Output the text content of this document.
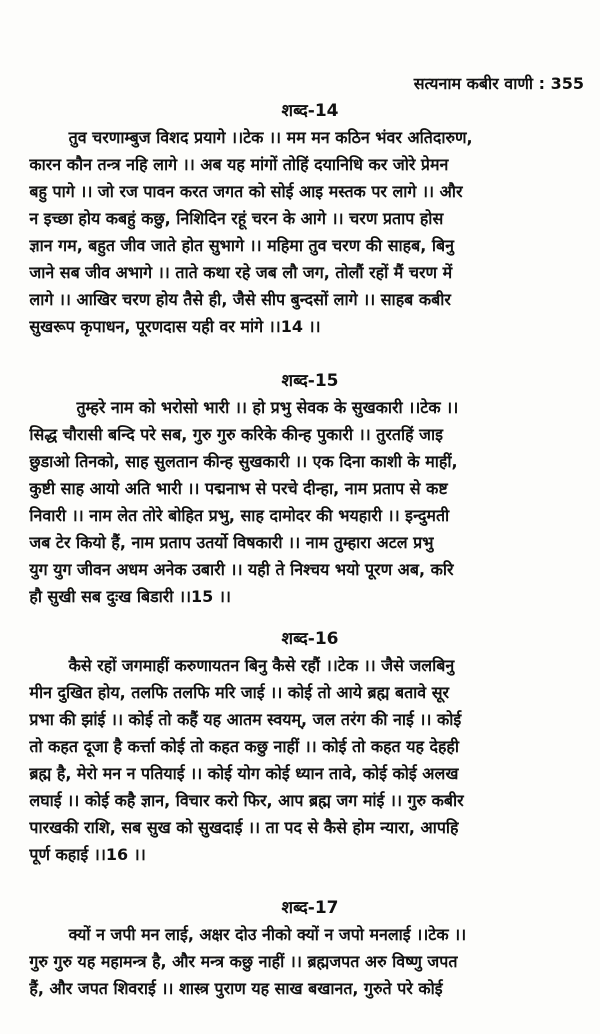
सत्यनाम कबीर वाणी : 355
शब्द-14
तुव चरणाम्बुज विशद प्रयागे ।।टेक ।। मम मन कठिन भंवर अतिदारुण,
कारन कौन तन्त्र नहि लागे ।। अब यह मांगों तोहिं दयानिधि कर जोरे प्रेमन
बहु पागे ।। जो रज पावन करत जगत को सोई आइ मस्तक पर लागे ।। और
न इच्छा होय कबहुं कछु, निशिदिन रहूं चरन के आगे ।। चरण प्रताप होस
ज्ञान गम, बहुत जीव जाते होत सुभागे ।। महिमा तुव चरण की साहब, बिनु
जाने सब जीव अभागे ।। ताते कथा रहे जब लौ जग, तोलौं रहों मैं चरण में
लागे ।। आखिर चरण होय तैसे ही, जैसे सीप बुन्दसों लागे ।। साहब कबीर
सुखरूप कृपाधन, पूरणदास यही वर मांगे ।।14 ।।
शब्द-15
तुम्हरे नाम को भरोसो भारी ।। हो प्रभु सेवक के सुखकारी ।।टेक ।।
सिद्ध चौरासी बन्दि परे सब, गुरु गुरु करिके कीन्ह पुकारी ।। तुरतहिं जाइ
छुडाओ तिनको, साह सुलतान कीन्ह सुखकारी ।। एक दिना काशी के माहीं,
कुष्टी साह आयो अति भारी ।। पद्मनाभ से परचे दीन्हा, नाम प्रताप से कष्ट
निवारी ।। नाम लेत तोरे बोहित प्रभु, साह दामोदर की भयहारी ।। इन्दुमती
जब टेर कियो हैं, नाम प्रताप उतर्यो विषकारी ।। नाम तुम्हारा अटल प्रभु
युग युग जीवन अधम अनेक उबारी ।। यही ते निश्चय भयो पूरण अब, करि
हौ सुखी सब दुःख बिडारी ।।15 ।।
शब्द-16
कैसे रहों जगमाहीं करुणायतन बिनु कैसे रहौं ।।टेक ।। जैसे जलबिनु
मीन दुखित होय, तलफि तलफि मरि जाई ।। कोई तो आये ब्रह्म बतावे सूर
प्रभा की झांई ।। कोई तो कहैं यह आतम स्वयम्, जल तरंग की नाई ।। कोई
तो कहत दूजा है कर्त्ता कोई तो कहत कछु नाहीं ।। कोई तो कहत यह देहही
ब्रह्म है, मेरो मन न पतियाई ।। कोई योग कोई ध्यान तावे, कोई कोई अलख
लघाई ।। कोई कहै ज्ञान, विचार करो फिर, आप ब्रह्म जग मांई ।। गुरु कबीर
पारखकी राशि, सब सुख को सुखदाई ।। ता पद से कैसे होम न्यारा, आपहि
पूर्ण कहाई ।।16 ।।
शब्द-17
क्यों न जपी मन लाई, अक्षर दोउ नीको क्यों न जपो मनलाई ।।टेक ।।
गुरु गुरु यह महामन्त्र है, और मन्त्र कछु नाहीं ।। ब्रह्मजपत अरु विष्णु जपत
हैं, और जपत शिवराई ।। शास्त्र पुराण यह साख बखानत, गुरुते परे कोई
